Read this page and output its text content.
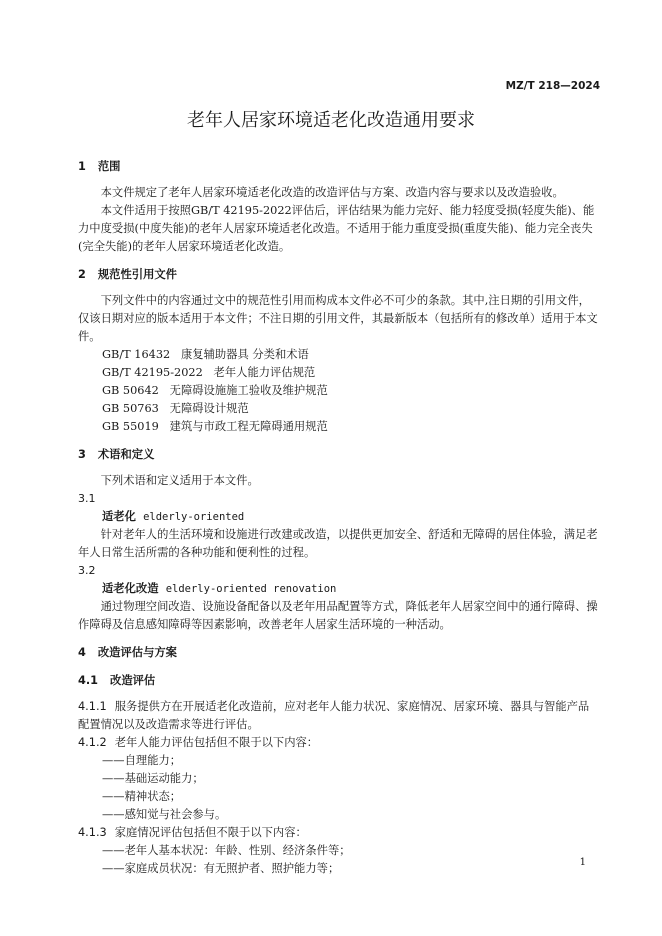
MZ/T 218—2024
老年人居家环境适老化改造通用要求
1 范围

本文件规定了老年人居家环境适老化改造的改造评估与方案、改造内容与要求以及改造验收。

本文件适用于按照GB/T 42195-2022评估后，评估结果为能力完好、能力轻度受损(轻度失能)、能力中度受损(中度失能)的老年人居家环境适老化改造。不适用于能力重度受损(重度失能)、能力完全丧失(完全失能)的老年人居家环境适老化改造。

2 规范性引用文件

下列文件中的内容通过文中的规范性引用而构成本文件必不可少的条款。其中,注日期的引用文件，仅该日期对应的版本适用于本文件；不注日期的引用文件，其最新版本（包括所有的修改单）适用于本文件。

GB/T 16432 康复辅助器具 分类和术语
GB/T 42195-2022 老年人能力评估规范
GB 50642 无障碍设施施工验收及维护规范
GB 50763 无障碍设计规范
GB 55019 建筑与市政工程无障碍通用规范
3 术语和定义

下列术语和定义适用于本文件。

3.1
适老化 elderly-oriented

针对老年人的生活环境和设施进行改建或改造，以提供更加安全、舒适和无障碍的居住体验，满足老年人日常生活所需的各种功能和便利性的过程。

3.2
适老化改造 elderly-oriented renovation

通过物理空间改造、设施设备配备以及老年用品配置等方式，降低老年人居家空间中的通行障碍、操作障碍及信息感知障碍等因素影响，改善老年人居家生活环境的一种活动。

4 改造评估与方案
4.1 改造评估

4.1.1 服务提供方在开展适老化改造前，应对老年人能力状况、家庭情况、居家环境、器具与智能产品配置情况以及改造需求等进行评估。

4.1.2 老年人能力评估包括但不限于以下内容：

——自理能力；
——基础运动能力；
——精神状态；
——感知觉与社会参与。

4.1.3 家庭情况评估包括但不限于以下内容：

——老年人基本状况：年龄、性别、经济条件等；
——家庭成员状况：有无照护者、照护能力等；	1
